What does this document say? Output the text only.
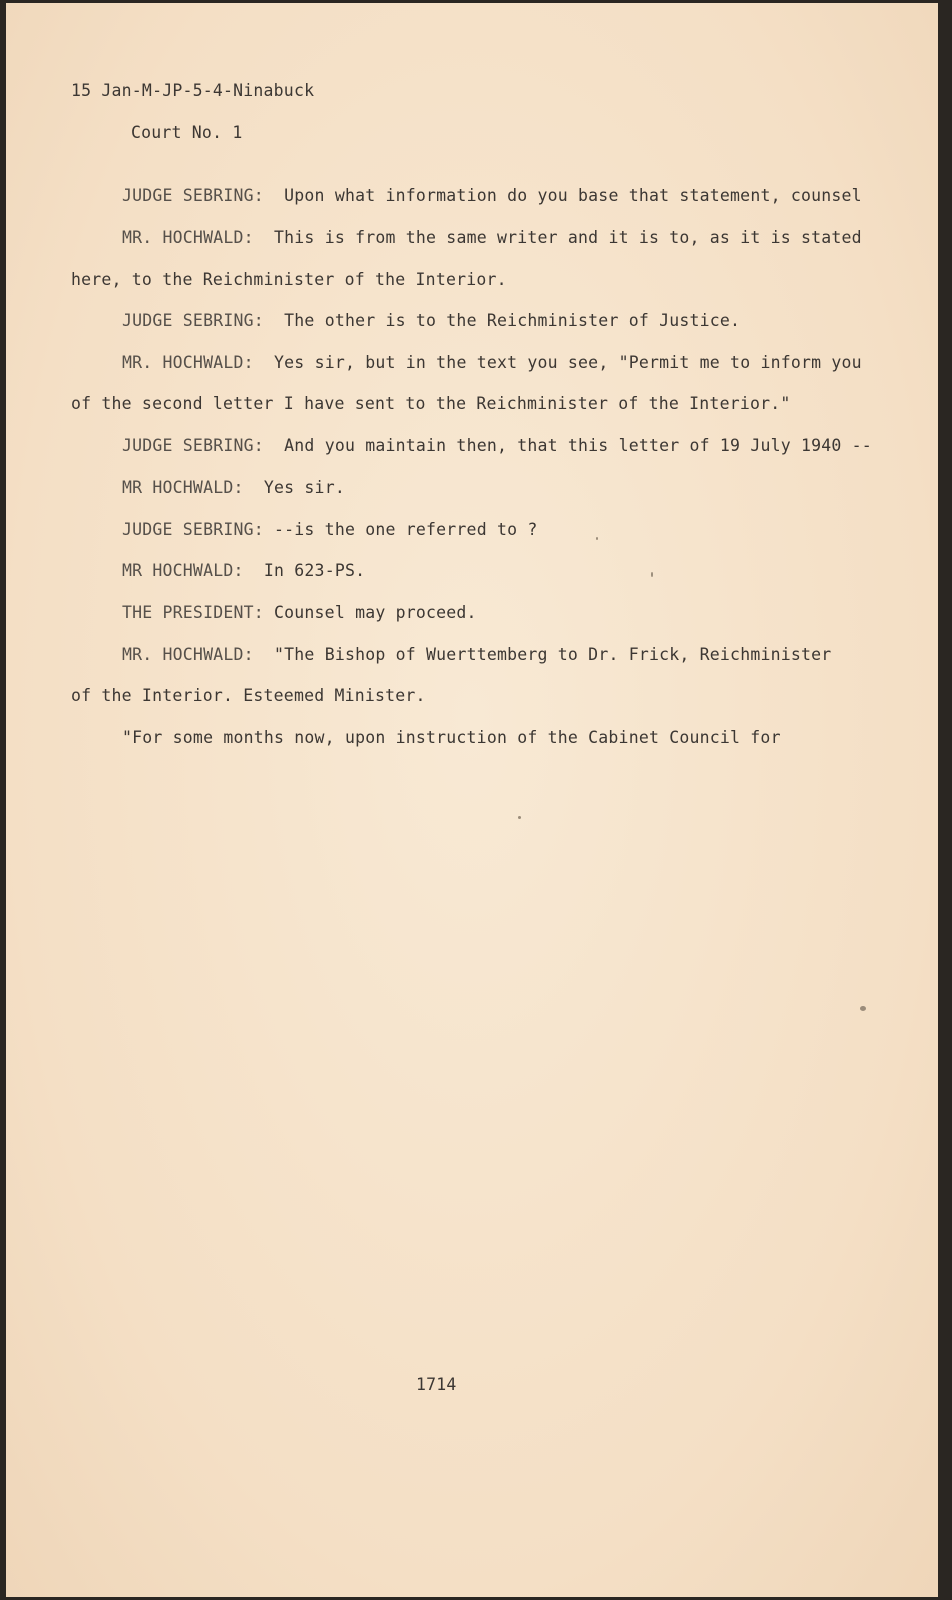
15 Jan-M-JP-5-4-Ninabuck
Court No. 1
JUDGE SEBRING: Upon what information do you base that statement, counsel
MR. HOCHWALD: This is from the same writer and it is to, as it is stated
here, to the Reichminister of the Interior.
JUDGE SEBRING: The other is to the Reichminister of Justice.
MR. HOCHWALD: Yes sir, but in the text you see, "Permit me to inform you
of the second letter I have sent to the Reichminister of the Interior."
JUDGE SEBRING: And you maintain then, that this letter of 19 July 1940 --
MR HOCHWALD: Yes sir.
JUDGE SEBRING: --is the one referred to ?
MR HOCHWALD: In 623-PS.
THE PRESIDENT: Counsel may proceed.
MR. HOCHWALD: "The Bishop of Wuerttemberg to Dr. Frick, Reichminister
of the Interior. Esteemed Minister.
"For some months now, upon instruction of the Cabinet Council for
1714
